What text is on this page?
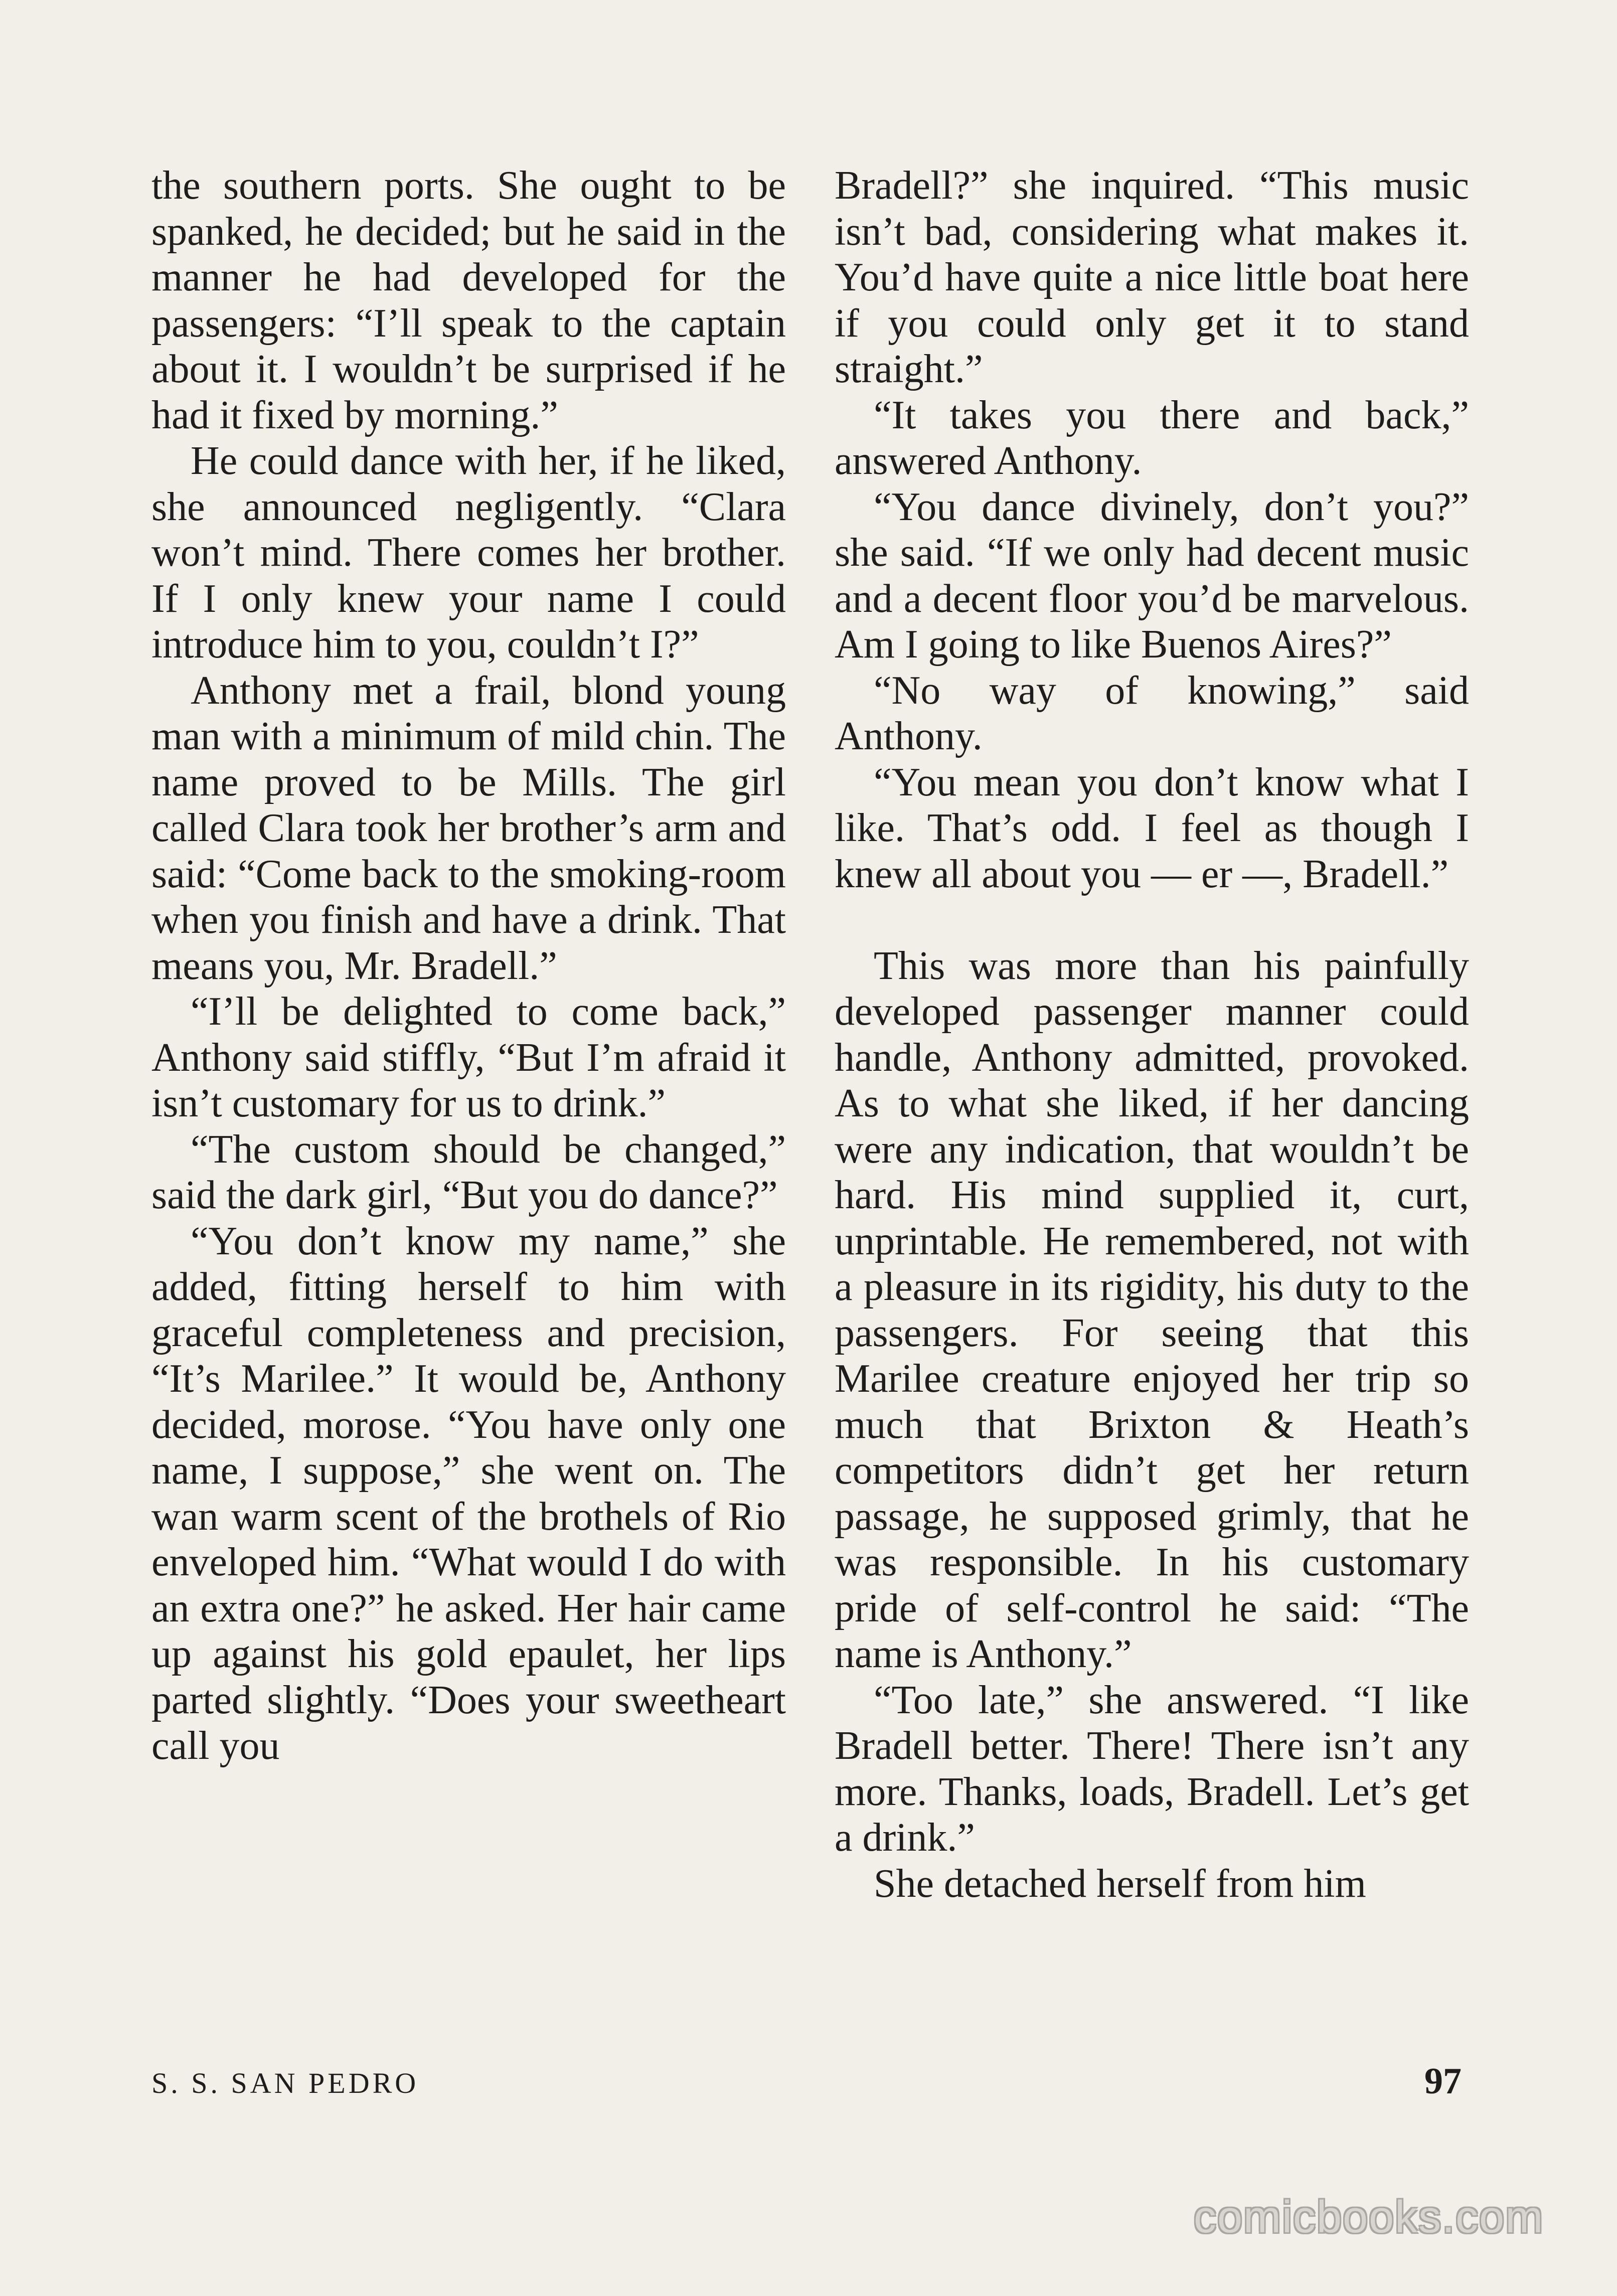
the southern ports. She ought to be spanked, he decided; but he said in the manner he had developed for the passengers: “I’ll speak to the captain about it. I wouldn’t be surprised if he had it fixed by morning.”

He could dance with her, if he liked, she announced negligently. “Clara won’t mind. There comes her brother. If I only knew your name I could introduce him to you, couldn’t I?”

Anthony met a frail, blond young man with a minimum of mild chin. The name proved to be Mills. The girl called Clara took her brother’s arm and said: “Come back to the smoking-room when you finish and have a drink. That means you, Mr. Bradell.”

“I’ll be delighted to come back,” Anthony said stiffly, “But I’m afraid it isn’t customary for us to drink.”

“The custom should be changed,” said the dark girl, “But you do dance?”

“You don’t know my name,” she added, fitting herself to him with graceful completeness and precision, “It’s Marilee.” It would be, Anthony decided, morose. “You have only one name, I suppose,” she went on. The wan warm scent of the brothels of Rio enveloped him. “What would I do with an extra one?” he asked. Her hair came up against his gold epaulet, her lips parted slightly. “Does your sweetheart call you

Bradell?” she inquired. “This music isn’t bad, considering what makes it. You’d have quite a nice little boat here if you could only get it to stand straight.”

“It takes you there and back,” answered Anthony.

“You dance divinely, don’t you?” she said. “If we only had decent music and a decent floor you’d be marvelous. Am I going to like Buenos Aires?”

“No way of knowing,” said Anthony.

“You mean you don’t know what I like. That’s odd. I feel as though I knew all about you — er —, Bradell.”

This was more than his painfully developed passenger manner could handle, Anthony admitted, provoked. As to what she liked, if her dancing were any indication, that wouldn’t be hard. His mind supplied it, curt, unprintable. He remembered, not with a pleasure in its rigidity, his duty to the passengers. For seeing that this Marilee creature enjoyed her trip so much that Brixton & Heath’s competitors didn’t get her return passage, he supposed grimly, that he was responsible. In his customary pride of self-control he said: “The name is Anthony.”

“Too late,” she answered. “I like Bradell better. There! There isn’t any more. Thanks, loads, Bradell. Let’s get a drink.”

She detached herself from him

S. S. SAN PEDRO	97
comicbooks.com
